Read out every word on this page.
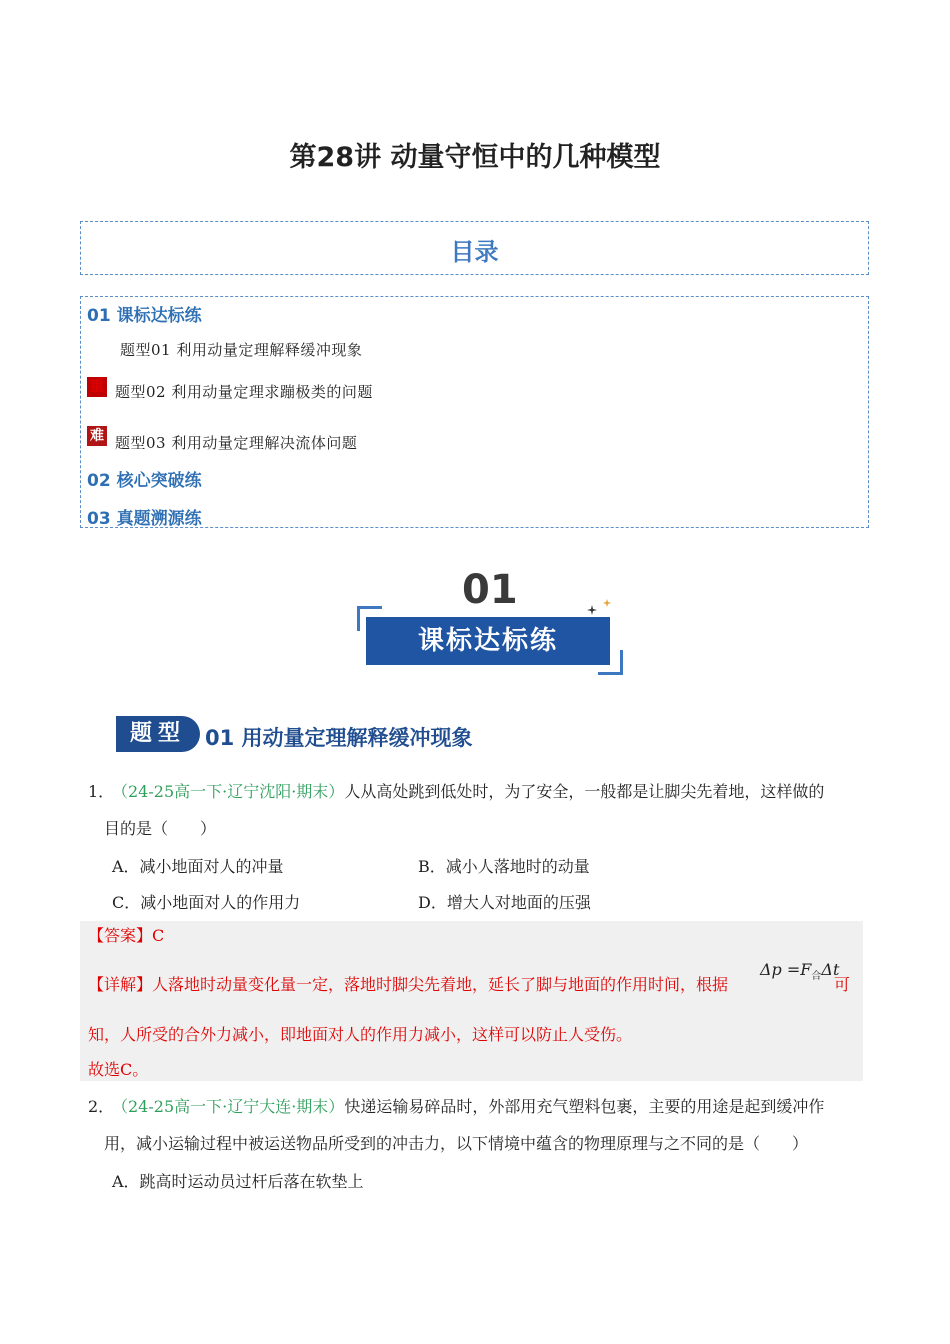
第28讲 动量守恒中的几种模型
目录
01 课标达标练
题型01 利用动量定理解释缓冲现象
重 题型02 利用动量定理求蹦极类的问题
难 题型03 利用动量定理解决流体问题
02 核心突破练
03 真题溯源练
01
课标达标练
题型 01 用动量定理解释缓冲现象
1．
（24-25高一下·辽宁沈阳·期末）人从高处跳到低处时，为了安全，一般都是让脚尖先着地，这样做的
目的是（　　）
A．减小地面对人的冲量	B．减小人落地时的动量
C．减小地面对人的作用力	D．增大人对地面的压强
【答案】C
【详解】人落地时动量变化量一定，落地时脚尖先着地，延长了脚与地面的作用时间，根据
$\Delta p =F_合\Delta t$
可
知，人所受的合外力减小，即地面对人的作用力减小，这样可以防止人受伤。
故选C。
2．
（24-25高一下·辽宁大连·期末）快递运输易碎品时，外部用充气塑料包裹，主要的用途是起到缓冲作
用，减小运输过程中被运送物品所受到的冲击力，以下情境中蕴含的物理原理与之不同的是（　　）
A．跳高时运动员过杆后落在软垫上
